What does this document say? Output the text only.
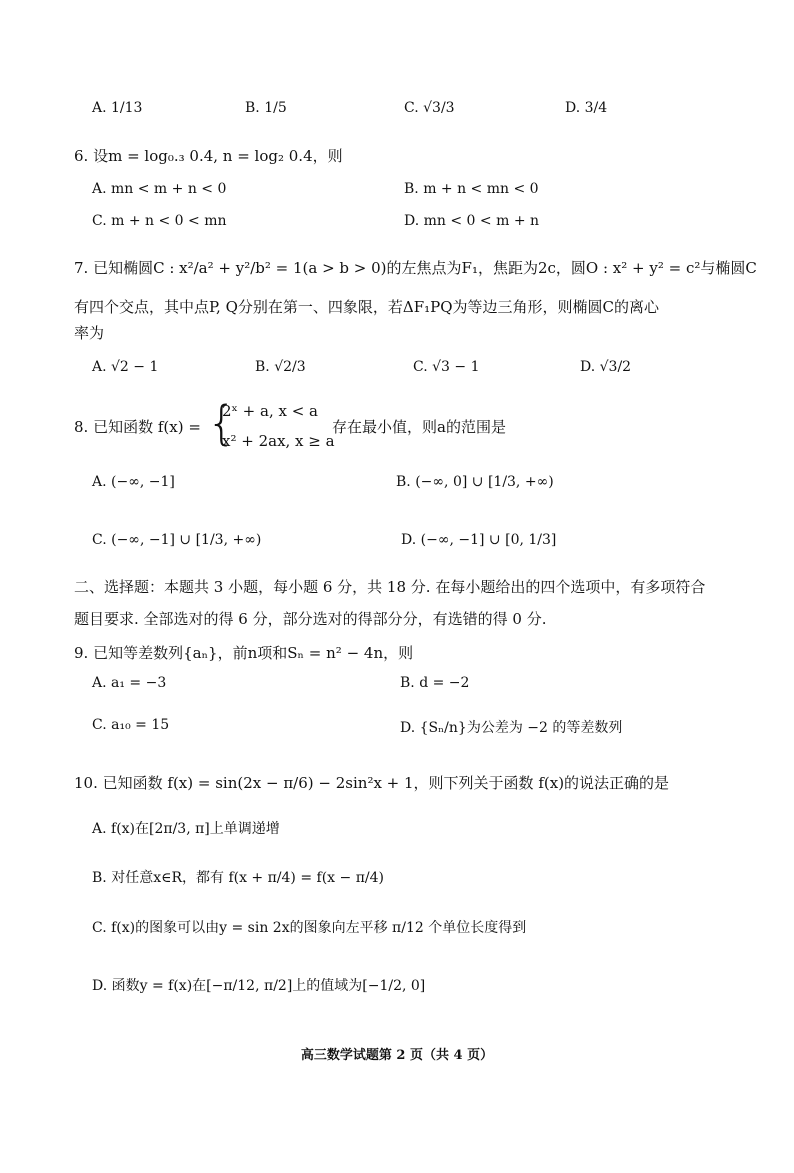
A. 1/13	B. 1/5	C. √3/3	D. 3/4
6. 设m = log₀.₃ 0.4, n = log₂ 0.4，则
A. mn < m + n < 0	B. m + n < mn < 0
C. m + n < 0 < mn	D. mn < 0 < m + n
7. 已知椭圆C : x²/a² + y²/b² = 1(a > b > 0)的左焦点为F₁，焦距为2c，圆O : x² + y² = c²与椭圆C
有四个交点，其中点P, Q分别在第一、四象限，若ΔF₁PQ为等边三角形，则椭圆C的离心
率为
A. √2 − 1	B. √2/3	C. √3 − 1	D. √3/2
8. 已知函数 f(x) = {
2ˣ + a, x < a
x² + 2ax, x ≥ a
存在最小值，则a的范围是
A. (−∞, −1]	B. (−∞, 0] ∪ [1/3, +∞)
C. (−∞, −1] ∪ [1/3, +∞)	D. (−∞, −1] ∪ [0, 1/3]
二、选择题：本题共 3 小题，每小题 6 分，共 18 分. 在每小题给出的四个选项中，有多项符合
题目要求. 全部选对的得 6 分，部分选对的得部分分，有选错的得 0 分.
9. 已知等差数列{aₙ}，前n项和Sₙ = n² − 4n，则
A. a₁ = −3	B. d = −2
C. a₁₀ = 15	D. {Sₙ/n}为公差为 −2 的等差数列
10. 已知函数 f(x) = sin(2x − π/6) − 2sin²x + 1，则下列关于函数 f(x)的说法正确的是
A. f(x)在[2π/3, π]上单调递增
B. 对任意x∈R，都有 f(x + π/4) = f(x − π/4)
C. f(x)的图象可以由y = sin 2x的图象向左平移 π/12 个单位长度得到
D. 函数y = f(x)在[−π/12, π/2]上的值域为[−1/2, 0]
高三数学试题第 2 页（共 4 页）
